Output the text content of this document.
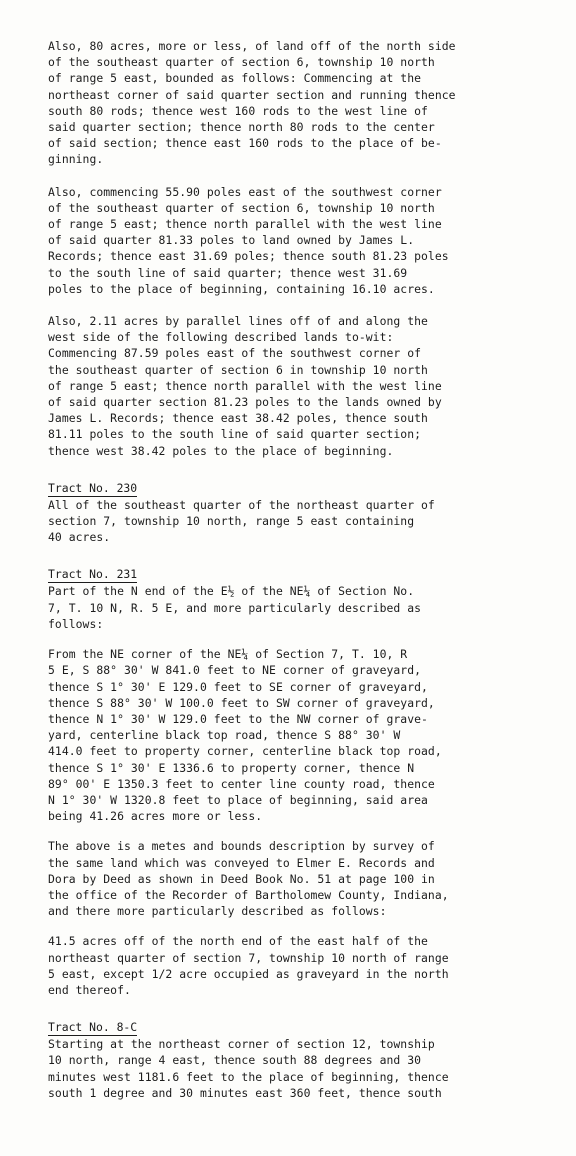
Also, 80 acres, more or less, of land off of the north side
of the southeast quarter of section 6, township 10 north
of range 5 east, bounded as follows: Commencing at the
northeast corner of said quarter section and running thence
south 80 rods; thence west 160 rods to the west line of
said quarter section; thence north 80 rods to the center
of said section; thence east 160 rods to the place of be-
ginning.

Also, commencing 55.90 poles east of the southwest corner
of the southeast quarter of section 6, township 10 north
of range 5 east; thence north parallel with the west line
of said quarter 81.33 poles to land owned by James L.
Records; thence east 31.69 poles; thence south 81.23 poles
to the south line of said quarter; thence west 31.69
poles to the place of beginning, containing 16.10 acres.

Also, 2.11 acres by parallel lines off of and along the
west side of the following described lands to-wit:
Commencing 87.59 poles east of the southwest corner of
the southeast quarter of section 6 in township 10 north
of range 5 east; thence north parallel with the west line
of said quarter section 81.23 poles to the lands owned by
James L. Records; thence east 38.42 poles, thence south
81.11 poles to the south line of said quarter section;
thence west 38.42 poles to the place of beginning.

Tract No. 230

All of the southeast quarter of the northeast quarter of
section 7, township 10 north, range 5 east containing
40 acres.

Tract No. 231

Part of the N end of the E½ of the NE¼ of Section No.
7, T. 10 N, R. 5 E, and more particularly described as
follows:

From the NE corner of the NE¼ of Section 7, T. 10, R
5 E, S 88° 30' W 841.0 feet to NE corner of graveyard,
thence S 1° 30' E 129.0 feet to SE corner of graveyard,
thence S 88° 30' W 100.0 feet to SW corner of graveyard,
thence N 1° 30' W 129.0 feet to the NW corner of grave-
yard, centerline black top road, thence S 88° 30' W
414.0 feet to property corner, centerline black top road,
thence S 1° 30' E 1336.6 to property corner, thence N
89° 00' E 1350.3 feet to center line county road, thence
N 1° 30' W 1320.8 feet to place of beginning, said area
being 41.26 acres more or less.

The above is a metes and bounds description by survey of
the same land which was conveyed to Elmer E. Records and
Dora by Deed as shown in Deed Book No. 51 at page 100 in
the office of the Recorder of Bartholomew County, Indiana,
and there more particularly described as follows:

41.5 acres off of the north end of the east half of the
northeast quarter of section 7, township 10 north of range
5 east, except 1/2 acre occupied as graveyard in the north
end thereof.

Tract No. 8-C

Starting at the northeast corner of section 12, township
10 north, range 4 east, thence south 88 degrees and 30
minutes west 1181.6 feet to the place of beginning, thence
south 1 degree and 30 minutes east 360 feet, thence south
